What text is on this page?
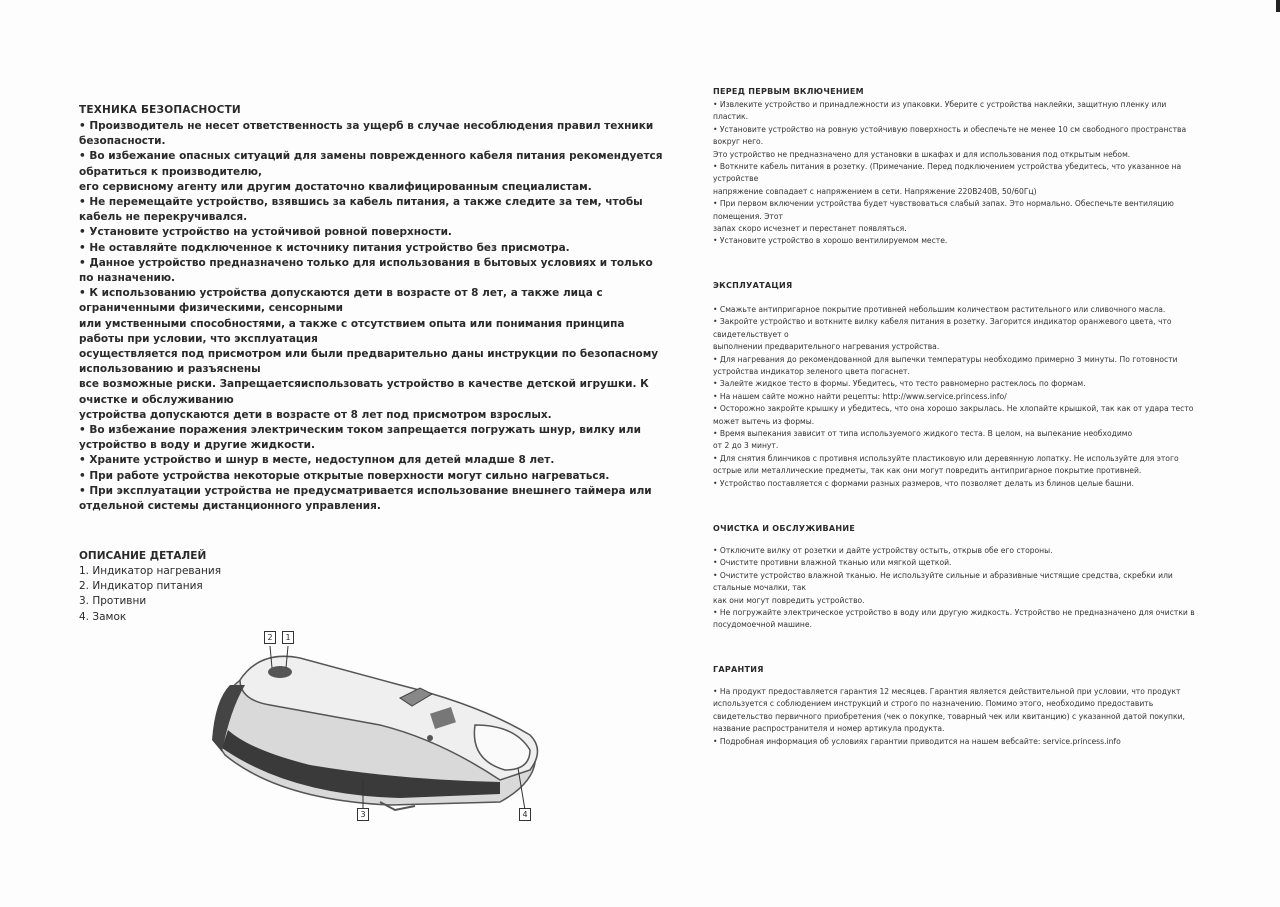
ТЕХНИКА БЕЗОПАСНОСТИ
• Производитель не несет ответственность за ущерб в случае несоблюдения правил техники
безопасности.
• Во избежание опасных ситуаций для замены поврежденного кабеля питания рекомендуется
обратиться к производителю,
его сервисному агенту или другим достаточно квалифицированным специалистам.
• Не перемещайте устройство, взявшись за кабель питания, а также следите за тем, чтобы
кабель не перекручивался.
• Установите устройство на устойчивой ровной поверхности.
• Не оставляйте подключенное к источнику питания устройство без присмотра.
• Данное устройство предназначено только для использования в бытовых условиях и только
по назначению.
• К использованию устройства допускаются дети в возрасте от 8 лет, а также лица с
ограниченными физическими, сенсорными
или умственными способностями, а также с отсутствием опыта или понимания принципа
работы при условии, что эксплуатация
осуществляется под присмотром или были предварительно даны инструкции по безопасному
использованию и разъяснены
все возможные риски. Запрещаетсяиспользовать устройство в качестве детской игрушки. К
очистке и обслуживанию
устройства допускаются дети в возрасте от 8 лет под присмотром взрослых.
• Во избежание поражения электрическим током запрещается погружать шнур, вилку или
устройство в воду и другие жидкости.
• Храните устройство и шнур в месте, недоступном для детей младше 8 лет.
• При работе устройства некоторые открытые поверхности могут сильно нагреваться.
• При эксплуатации устройства не предусматривается использование внешнего таймера или
отдельной системы дистанционного управления.
ОПИСАНИЕ ДЕТАЛЕЙ
1. Индикатор нагревания
2. Индикатор питания
3. Противни
4. Замок
2	1
3	4
ПЕРЕД ПЕРВЫМ ВКЛЮЧЕНИЕМ
• Извлеките устройство и принадлежности из упаковки. Уберите с устройства наклейки, защитную пленку или
пластик.
• Установите устройство на ровную устойчивую поверхность и обеспечьте не менее 10 см свободного пространства
вокруг него.
Это устройство не предназначено для установки в шкафах и для использования под открытым небом.
• Воткните кабель питания в розетку. (Примечание. Перед подключением устройства убедитесь, что указанное на
устройстве
напряжение совпадает с напряжением в сети. Напряжение 220В240В, 50/60Гц)
• При первом включении устройства будет чувствоваться слабый запах. Это нормально. Обеспечьте вентиляцию
помещения. Этот
запах скоро исчезнет и перестанет появляться.
• Установите устройство в хорошо вентилируемом месте.
ЭКСПЛУАТАЦИЯ
• Смажьте антипригарное покрытие противней небольшим количеством растительного или сливочного масла.
• Закройте устройство и воткните вилку кабеля питания в розетку. Загорится индикатор оранжевого цвета, что
свидетельствует о
выполнении предварительного нагревания устройства.
• Для нагревания до рекомендованной для выпечки температуры необходимо примерно 3 минуты. По готовности
устройства индикатор зеленого цвета погаснет.
• Залейте жидкое тесто в формы. Убедитесь, что тесто равномерно растеклось по формам.
• На нашем сайте можно найти рецепты: http://www.service.princess.info/
• Осторожно закройте крышку и убедитесь, что она хорошо закрылась. Не хлопайте крышкой, так как от удара тесто
может вытечь из формы.
• Время выпекания зависит от типа используемого жидкого теста. В целом, на выпекание необходимо
от 2 до 3 минут.
• Для снятия блинчиков с противня используйте пластиковую или деревянную лопатку. Не используйте для этого
острые или металлические предметы, так как они могут повредить антипригарное покрытие противней.
• Устройство поставляется с формами разных размеров, что позволяет делать из блинов целые башни.
ОЧИСТКА И ОБСЛУЖИВАНИЕ
• Отключите вилку от розетки и дайте устройству остыть, открыв обе его стороны.
• Очистите противни влажной тканью или мягкой щеткой.
• Очистите устройство влажной тканью. Не используйте сильные и абразивные чистящие средства, скребки или
стальные мочалки, так
как они могут повредить устройство.
• Не погружайте электрическое устройство в воду или другую жидкость. Устройство не предназначено для очистки в
посудомоечной машине.
ГАРАНТИЯ
• На продукт предоставляется гарантия 12 месяцев. Гарантия является действительной при условии, что продукт
используется с соблюдением инструкций и строго по назначению. Помимо этого, необходимо предоставить
свидетельство первичного приобретения (чек о покупке, товарный чек или квитанцию) с указанной датой покупки,
название распространителя и номер артикула продукта.
• Подробная информация об условиях гарантии приводится на нашем вебсайте: service.princess.info
